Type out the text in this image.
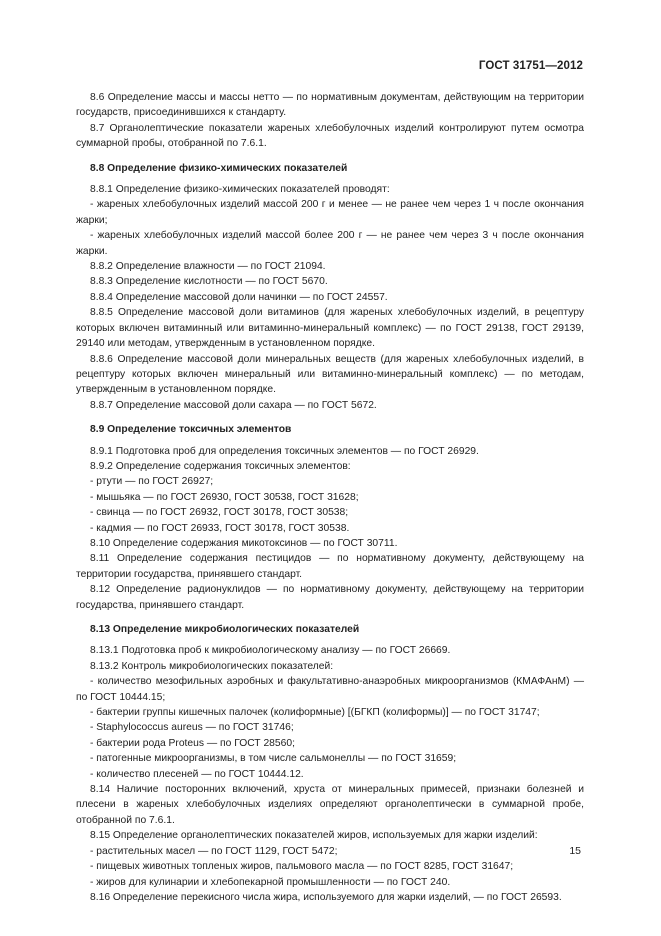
ГОСТ 31751—2012

8.6 Определение массы и массы нетто — по нормативным документам, действующим на территории государств, присоединившихся к стандарту.

8.7 Органолептические показатели жареных хлебобулочных изделий контролируют путем осмотра суммарной пробы, отобранной по 7.6.1.

8.8 Определение физико-химических показателей

8.8.1 Определение физико-химических показателей проводят:

- жареных хлебобулочных изделий массой 200 г и менее — не ранее чем через 1 ч после окончания жарки;

- жареных хлебобулочных изделий массой более 200 г — не ранее чем через 3 ч после окончания жарки.

8.8.2 Определение влажности — по ГОСТ 21094.

8.8.3 Определение кислотности — по ГОСТ 5670.

8.8.4 Определение массовой доли начинки — по ГОСТ 24557.

8.8.5 Определение массовой доли витаминов (для жареных хлебобулочных изделий, в рецептуру которых включен витаминный или витаминно-минеральный комплекс) — по ГОСТ 29138, ГОСТ 29139, 29140 или методам, утвержденным в установленном порядке.

8.8.6 Определение массовой доли минеральных веществ (для жареных хлебобулочных изделий, в рецептуру которых включен минеральный или витаминно-минеральный комплекс) — по методам, утвержденным в установленном порядке.

8.8.7 Определение массовой доли сахара — по ГОСТ 5672.

8.9 Определение токсичных элементов

8.9.1 Подготовка проб для определения токсичных элементов — по ГОСТ 26929.

8.9.2 Определение содержания токсичных элементов:

- ртути — по ГОСТ 26927;

- мышьяка — по ГОСТ 26930, ГОСТ 30538, ГОСТ 31628;

- свинца — по ГОСТ 26932, ГОСТ 30178, ГОСТ 30538;

- кадмия — по ГОСТ 26933, ГОСТ 30178, ГОСТ 30538.

8.10 Определение содержания микотоксинов — по ГОСТ 30711.

8.11 Определение содержания пестицидов — по нормативному документу, действующему на территории государства, принявшего стандарт.

8.12 Определение радионуклидов — по нормативному документу, действующему на территории государства, принявшего стандарт.

8.13 Определение микробиологических показателей

8.13.1 Подготовка проб к микробиологическому анализу — по ГОСТ 26669.

8.13.2 Контроль микробиологических показателей:

- количество мезофильных аэробных и факультативно-анаэробных микроорганизмов (КМАФАнМ) — по ГОСТ 10444.15;

- бактерии группы кишечных палочек (колиформные) [(БГКП (колиформы)] — по ГОСТ 31747;

- Staphylococcus aureus — по ГОСТ 31746;

- бактерии рода Proteus — по ГОСТ 28560;

- патогенные микроорганизмы, в том числе сальмонеллы — по ГОСТ 31659;

- количество плесеней — по ГОСТ 10444.12.

8.14 Наличие посторонних включений, хруста от минеральных примесей, признаки болезней и плесени в жареных хлебобулочных изделиях определяют органолептически в суммарной пробе, отобранной по 7.6.1.

8.15 Определение органолептических показателей жиров, используемых для жарки изделий:

- растительных масел — по ГОСТ 1129, ГОСТ 5472;

- пищевых животных топленых жиров, пальмового масла — по ГОСТ 8285, ГОСТ 31647;

- жиров для кулинарии и хлебопекарной промышленности — по ГОСТ 240.

8.16 Определение перекисного числа жира, используемого для жарки изделий, — по ГОСТ 26593.

15
